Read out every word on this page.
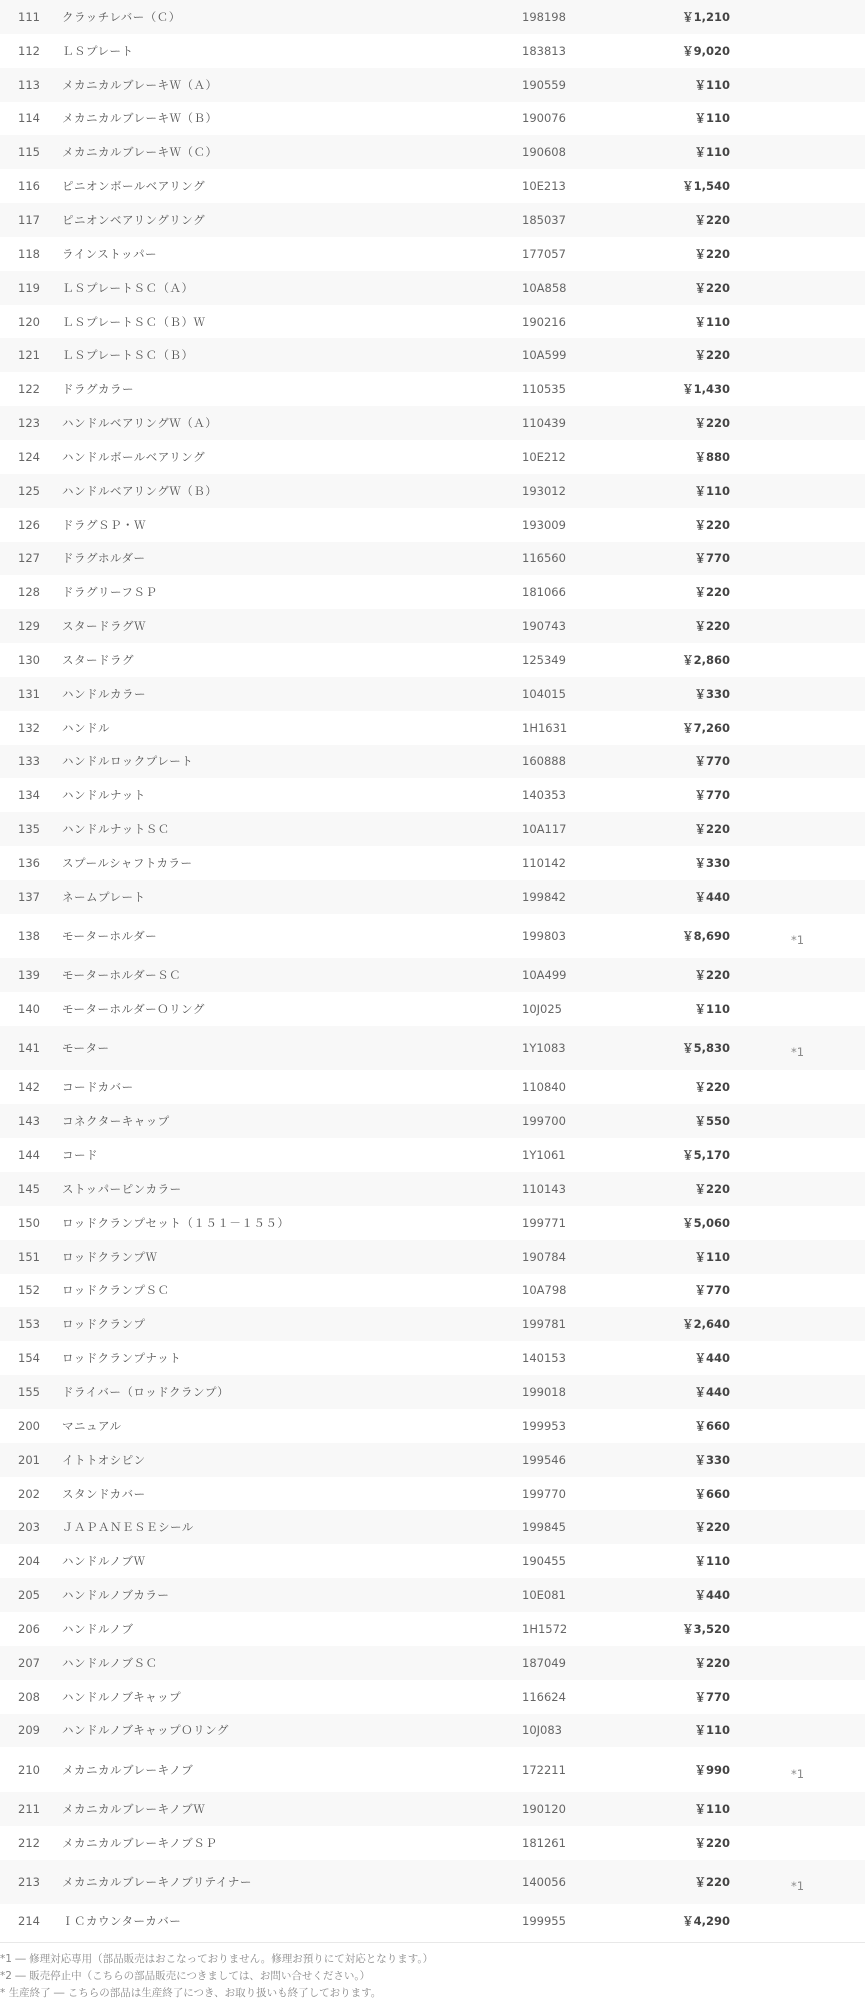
111	クラッチレバー（Ｃ）	198198	￥1,210	
112	ＬＳプレート	183813	￥9,020	
113	メカニカルブレーキＷ（Ａ）	190559	￥110	
114	メカニカルブレーキＷ（Ｂ）	190076	￥110	
115	メカニカルブレーキＷ（Ｃ）	190608	￥110	
116	ピニオンボールベアリング	10E213	￥1,540	
117	ピニオンベアリングリング	185037	￥220	
118	ラインストッパー	177057	￥220	
119	ＬＳプレートＳＣ（Ａ）	10A858	￥220	
120	ＬＳプレートＳＣ（Ｂ）Ｗ	190216	￥110	
121	ＬＳプレートＳＣ（Ｂ）	10A599	￥220	
122	ドラグカラー	110535	￥1,430	
123	ハンドルベアリングＷ（Ａ）	110439	￥220	
124	ハンドルボールベアリング	10E212	￥880	
125	ハンドルベアリングＷ（Ｂ）	193012	￥110	
126	ドラグＳＰ・Ｗ	193009	￥220	
127	ドラグホルダー	116560	￥770	
128	ドラグリーフＳＰ	181066	￥220	
129	スタードラグＷ	190743	￥220	
130	スタードラグ	125349	￥2,860	
131	ハンドルカラー	104015	￥330	
132	ハンドル	1H1631	￥7,260	
133	ハンドルロックプレート	160888	￥770	
134	ハンドルナット	140353	￥770	
135	ハンドルナットＳＣ	10A117	￥220	
136	スプールシャフトカラー	110142	￥330	
137	ネームプレート	199842	￥440	
138	モーターホルダー	199803	￥8,690	*1
139	モーターホルダーＳＣ	10A499	￥220	
140	モーターホルダーＯリング	10J025	￥110	
141	モーター	1Y1083	￥5,830	*1
142	コードカバー	110840	￥220	
143	コネクターキャップ	199700	￥550	
144	コード	1Y1061	￥5,170	
145	ストッパーピンカラー	110143	￥220	
150	ロッドクランプセット（１５１－１５５）	199771	￥5,060	
151	ロッドクランプＷ	190784	￥110	
152	ロッドクランプＳＣ	10A798	￥770	
153	ロッドクランプ	199781	￥2,640	
154	ロッドクランプナット	140153	￥440	
155	ドライバー（ロッドクランプ）	199018	￥440	
200	マニュアル	199953	￥660	
201	イトトオシピン	199546	￥330	
202	スタンドカバー	199770	￥660	
203	ＪＡＰＡＮＥＳＥシール	199845	￥220	
204	ハンドルノブＷ	190455	￥110	
205	ハンドルノブカラー	10E081	￥440	
206	ハンドルノブ	1H1572	￥3,520	
207	ハンドルノブＳＣ	187049	￥220	
208	ハンドルノブキャップ	116624	￥770	
209	ハンドルノブキャップＯリング	10J083	￥110	
210	メカニカルブレーキノブ	172211	￥990	*1
211	メカニカルブレーキノブＷ	190120	￥110	
212	メカニカルブレーキノブＳＰ	181261	￥220	
213	メカニカルブレーキノブリテイナー	140056	￥220	*1
214	ＩＣカウンターカバー	199955	￥4,290	
*1 ― 修理対応専用（部品販売はおこなっておりません。修理お預りにて対応となります。）
*2 ― 販売停止中（こちらの部品販売につきましては、お問い合せください。）
* 生産終了 ― こちらの部品は生産終了につき、お取り扱いも終了しております。
